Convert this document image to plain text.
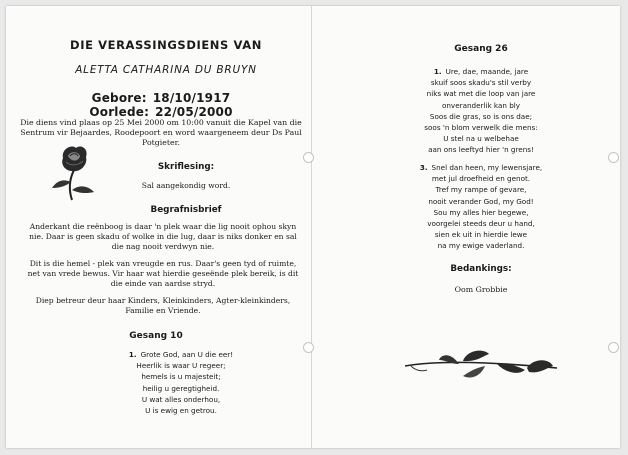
DIE VERASSINGSDIENS VAN
ALETTA CATHARINA DU BRUYN
Gebore: 18/10/1917 Oorlede: 22/05/2000
Die diens vind plaas op 25 Mei 2000 om 10:00 vanuit die Kapel van die
Sentrum vir Bejaardes, Roodepoort en word waargeneem deur Ds Paul
Potgieter.
Skriflesing:
Sal aangekondig word.
Begrafnisbrief
Anderkant die reënboog is daar 'n plek waar die lig nooit ophou skyn
nie. Daar is geen skadu of wolke in die lug, daar is niks donker en sal
die nag nooit verdwyn nie.
Dit is die hemel - plek van vreugde en rus. Daar's geen tyd of ruimte,
net van vrede bewus. Vir haar wat hierdie geseënde plek bereik, is dit
die einde van aardse stryd.
Diep betreur deur haar Kinders, Kleinkinders, Agter-kleinkinders,
Familie en Vriende.
Gesang 10
1. Grote God, aan U die eer!
Heerlik is waar U regeer;
hemels is u majesteit;
heilig u geregtigheid.
U wat alles onderhou,
U is ewig en getrou.
Gesang 26
1. Ure, dae, maande, jare
skuif soos skadu's stil verby
niks wat met die loop van jare
onveranderlik kan bly
Soos die gras, so is ons dae;
soos 'n blom verwelk die mens:
U stel na u welbehae
aan ons leeftyd hier 'n grens!
3. Snel dan heen, my lewensjare,
met jul droefheid en genot.
Tref my rampe of gevare,
nooit verander God, my God!
Sou my alles hier begewe,
voorgelei steeds deur u hand,
sien ek uit in hierdie lewe
na my ewige vaderland.
Bedankings:
Oom Grobbie
